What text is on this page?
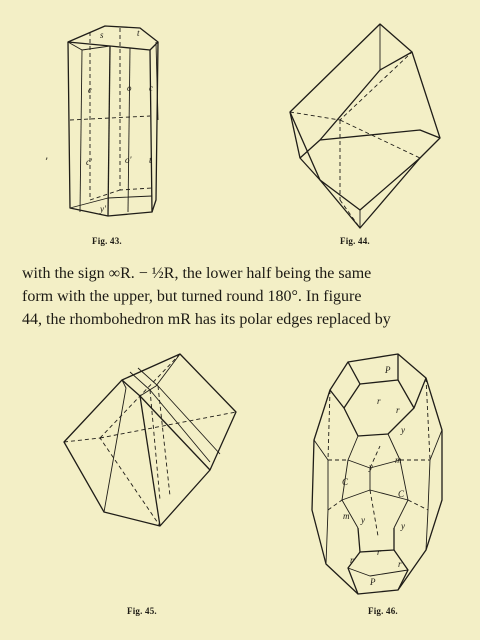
s	t
c	o c
c'	o' t
y'
’
Fig. 43.	Fig. 44.
with the sign ∞R. − ½R, the lower half being the same
form with the upper, but turned round 180°. In figure
44, the rhombohedron mR has its polar edges replaced by
P
r
r
y
m
y
C
C
m y
y
r
r
r
P
Fig. 45.	Fig. 46.
